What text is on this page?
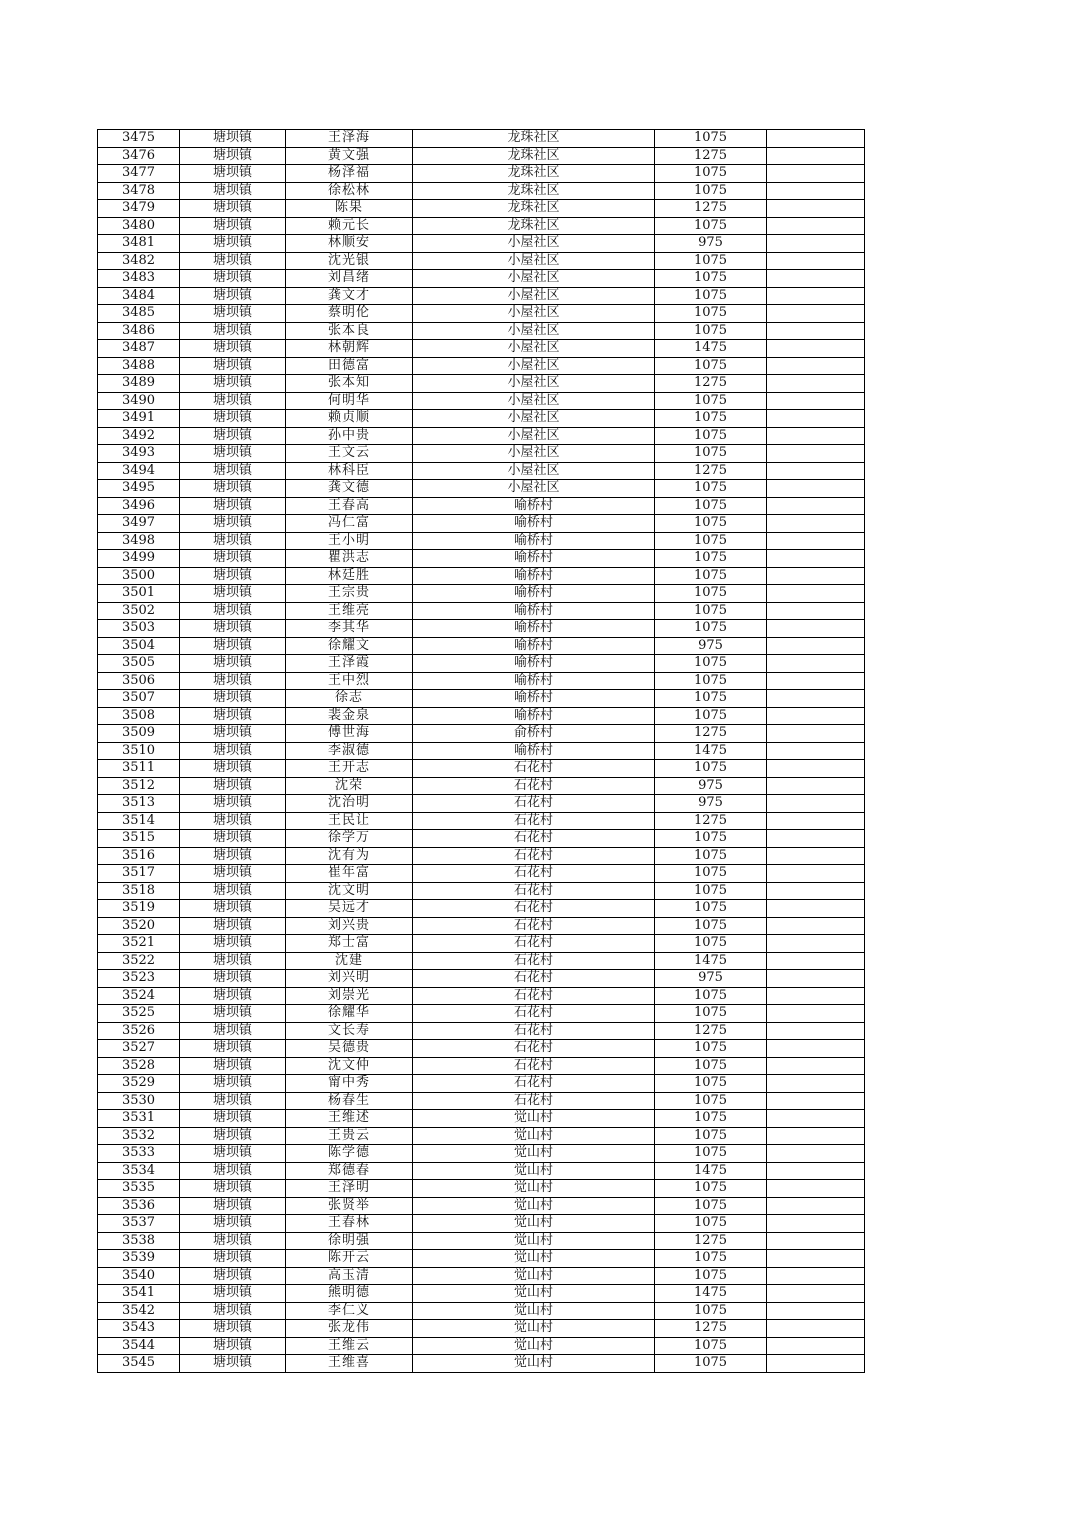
3475	塘坝镇	王泽海	龙珠社区	1075	
3476	塘坝镇	黄文强	龙珠社区	1275	
3477	塘坝镇	杨泽福	龙珠社区	1075	
3478	塘坝镇	徐松林	龙珠社区	1075	
3479	塘坝镇	陈果	龙珠社区	1275	
3480	塘坝镇	赖元长	龙珠社区	1075	
3481	塘坝镇	林顺安	小屋社区	975	
3482	塘坝镇	沈光银	小屋社区	1075	
3483	塘坝镇	刘昌绪	小屋社区	1075	
3484	塘坝镇	龚文才	小屋社区	1075	
3485	塘坝镇	蔡明伦	小屋社区	1075	
3486	塘坝镇	张本良	小屋社区	1075	
3487	塘坝镇	林朝辉	小屋社区	1475	
3488	塘坝镇	田德富	小屋社区	1075	
3489	塘坝镇	张本知	小屋社区	1275	
3490	塘坝镇	何明华	小屋社区	1075	
3491	塘坝镇	赖贞顺	小屋社区	1075	
3492	塘坝镇	孙中贵	小屋社区	1075	
3493	塘坝镇	王文云	小屋社区	1075	
3494	塘坝镇	林科臣	小屋社区	1275	
3495	塘坝镇	龚文德	小屋社区	1075	
3496	塘坝镇	王春高	喻桥村	1075	
3497	塘坝镇	冯仁富	喻桥村	1075	
3498	塘坝镇	王小明	喻桥村	1075	
3499	塘坝镇	瞿洪志	喻桥村	1075	
3500	塘坝镇	林廷胜	喻桥村	1075	
3501	塘坝镇	王宗贵	喻桥村	1075	
3502	塘坝镇	王维亮	喻桥村	1075	
3503	塘坝镇	李其华	喻桥村	1075	
3504	塘坝镇	徐耀文	喻桥村	975	
3505	塘坝镇	王泽霞	喻桥村	1075	
3506	塘坝镇	王中烈	喻桥村	1075	
3507	塘坝镇	徐志	喻桥村	1075	
3508	塘坝镇	裴金泉	喻桥村	1075	
3509	塘坝镇	傅世海	俞桥村	1275	
3510	塘坝镇	李淑德	喻桥村	1475	
3511	塘坝镇	王开志	石花村	1075	
3512	塘坝镇	沈荣	石花村	975	
3513	塘坝镇	沈治明	石花村	975	
3514	塘坝镇	王民让	石花村	1275	
3515	塘坝镇	徐学万	石花村	1075	
3516	塘坝镇	沈有为	石花村	1075	
3517	塘坝镇	崔年富	石花村	1075	
3518	塘坝镇	沈文明	石花村	1075	
3519	塘坝镇	吴远才	石花村	1075	
3520	塘坝镇	刘兴贵	石花村	1075	
3521	塘坝镇	郑士富	石花村	1075	
3522	塘坝镇	沈建	石花村	1475	
3523	塘坝镇	刘兴明	石花村	975	
3524	塘坝镇	刘崇光	石花村	1075	
3525	塘坝镇	徐耀华	石花村	1075	
3526	塘坝镇	文长寿	石花村	1275	
3527	塘坝镇	吴德贵	石花村	1075	
3528	塘坝镇	沈文仲	石花村	1075	
3529	塘坝镇	甯中秀	石花村	1075	
3530	塘坝镇	杨春生	石花村	1075	
3531	塘坝镇	王维述	觉山村	1075	
3532	塘坝镇	王贵云	觉山村	1075	
3533	塘坝镇	陈学德	觉山村	1075	
3534	塘坝镇	郑德春	觉山村	1475	
3535	塘坝镇	王泽明	觉山村	1075	
3536	塘坝镇	张贤举	觉山村	1075	
3537	塘坝镇	王春林	觉山村	1075	
3538	塘坝镇	徐明强	觉山村	1275	
3539	塘坝镇	陈开云	觉山村	1075	
3540	塘坝镇	高玉清	觉山村	1075	
3541	塘坝镇	熊明德	觉山村	1475	
3542	塘坝镇	李仁义	觉山村	1075	
3543	塘坝镇	张龙伟	觉山村	1275	
3544	塘坝镇	王维云	觉山村	1075	
3545	塘坝镇	王维喜	觉山村	1075	
